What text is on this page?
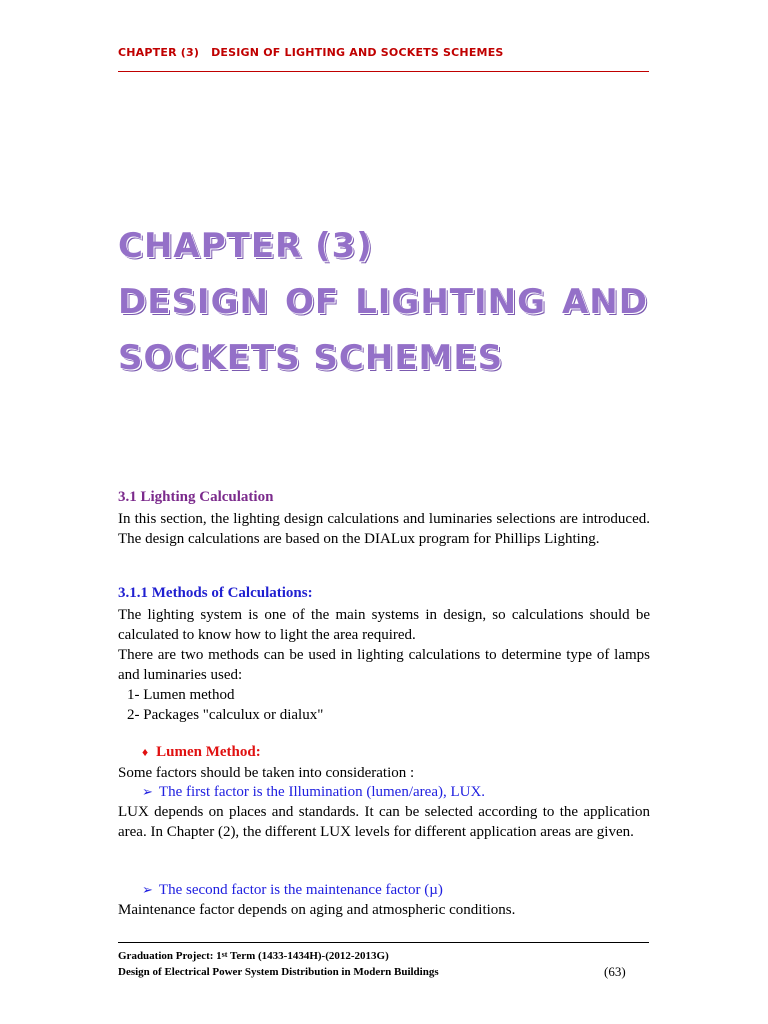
CHAPTER (3) DESIGN OF LIGHTING AND SOCKETS SCHEMES
CHAPTER (3)
DESIGN OF LIGHTING AND
SOCKETS SCHEMES
3.1 Lighting Calculation
In this section, the lighting design calculations and luminaries selections are introduced. The design calculations are based on the DIALux program for Phillips Lighting.
3.1.1 Methods of Calculations:
The lighting system is one of the main systems in design, so calculations should be calculated to know how to light the area required.
There are two methods can be used in lighting calculations to determine type of lamps and luminaries used:
1- Lumen method
2- Packages "calculux or dialux"
♦ Lumen Method:
Some factors should be taken into consideration :
➢ The first factor is the Illumination (lumen/area), LUX.
LUX depends on places and standards. It can be selected according to the application area. In Chapter (2), the different LUX levels for different application areas are given.
➢ The second factor is the maintenance factor (µ)
Maintenance factor depends on aging and atmospheric conditions.
Graduation Project: 1st Term (1433-1434H)-(2012-2013G)
Design of Electrical Power System Distribution in Modern Buildings	(63)
